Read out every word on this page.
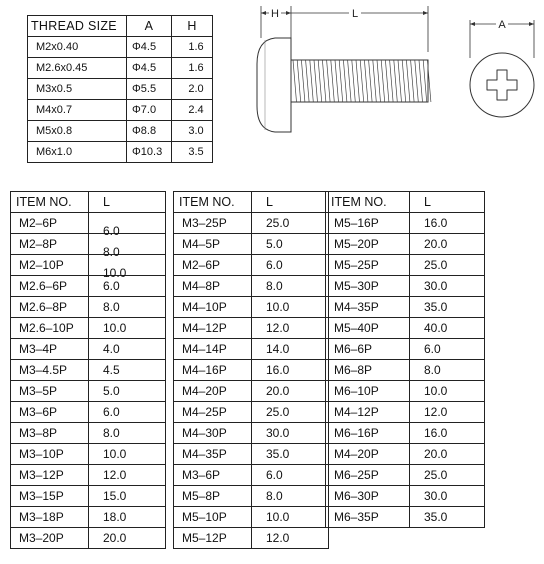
THREAD SIZE	A	H
M2x0.40	Φ4.5	1.6
M2.6x0.45	Φ4.5	1.6
M3x0.5	Φ5.5	2.0
M4x0.7	Φ7.0	2.4
M5x0.8	Φ8.8	3.0
M6x1.0	Φ10.3	3.5
H	L
A
ITEM NO.	L
M2–6P	6.0
M2–8P	8.0
M2–10P	10.0
M2.6–6P	6.0
M2.6–8P	8.0
M2.6–10P	10.0
M3–4P	4.0
M3–4.5P	4.5
M3–5P	5.0
M3–6P	6.0
M3–8P	8.0
M3–10P	10.0
M3–12P	12.0
M3–15P	15.0
M3–18P	18.0
M3–20P	20.0
ITEM NO.	L
M3–25P	25.0
M4–5P	5.0
M2–6P	6.0
M4–8P	8.0
M4–10P	10.0
M4–12P	12.0
M4–14P	14.0
M4–16P	16.0
M4–20P	20.0
M4–25P	25.0
M4–30P	30.0
M4–35P	35.0
M3–6P	6.0
M5–8P	8.0
M5–10P	10.0
M5–12P	12.0
ITEM NO.	L
M5–16P	16.0
M5–20P	20.0
M5–25P	25.0
M5–30P	30.0
M4–35P	35.0
M5–40P	40.0
M6–6P	6.0
M6–8P	8.0
M6–10P	10.0
M4–12P	12.0
M6–16P	16.0
M4–20P	20.0
M6–25P	25.0
M6–30P	30.0
M6–35P	35.0
